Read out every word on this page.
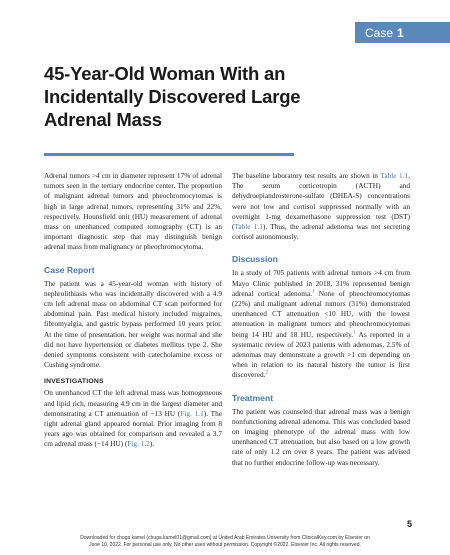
Case 1
45-Year-Old Woman With an
Incidentally Discovered Large
Adrenal Mass

Adrenal tumors >4 cm in diameter represent 17% of adrenal tumors seen in the tertiary endocrine center. The proportion of malignant adrenal tumors and pheochromocytomas is high in large adrenal tumors, representing 31% and 22%, respectively. Hounsfield unit (HU) measurement of adrenal mass on unenhanced computed tomography (CT) is an important diagnostic step that may distinguish benign adrenal mass from malignancy or pheochromocytoma.

Case Report

The patient was a 45-year-old woman with history of nephrolithiasis who was incidentally discovered with a 4.9 cm left adrenal mass on abdominal CT scan performed for abdominal pain. Past medical history included migraines, fibromyalgia, and gastric bypass performed 10 years prior. At the time of presentation, her weight was normal and she did not have hypertension or diabetes mellitus type 2. She denied symptoms consistent with catecholamine excess or Cushing syndrome.

INVESTIGATIONS

On unenhanced CT the left adrenal mass was homogeneous and lipid rich, measuring 4.9 cm in the largest diameter and demonstrating a CT attenuation of −13 HU (Fig. 1.1). The right adrenal gland appeared normal. Prior imaging from 8 years ago was obtained for comparison and revealed a 3.7 cm adrenal mass (−14 HU) (Fig. 1.2).

The baseline laboratory test results are shown in Table 1.1. The serum corticotropin (ACTH) and dehydroepiandrosterone-sulfate (DHEA-S) concentrations were not low and cortisol suppressed normally with an overnight 1-mg dexamethasone suppression test (DST) (Table 1.1). Thus, the adrenal adenoma was not secreting cortisol autonomously.

Discussion

In a study of 705 patients with adrenal tumors >4 cm from Mayo Clinic published in 2018, 31% represented benign adrenal cortical adenoma.$^1$ None of pheochromocytomas (22%) and malignant adrenal tumors (31%) demonstrated unenhanced CT attenuation <10 HU, with the lowest attenuation in malignant tumors and pheochromocytomas being 14 HU and 18 HU, respectively.$^1$ As reported in a systematic review of 2023 patients with adenomas, 2.5% of adenomas may demonstrate a growth >1 cm depending on when in relation to its natural history the tumor is first discovered.$^2$

Treatment

The patient was counseled that adrenal mass was a benign nonfunctioning adrenal adenoma. This was concluded based on imaging phenotype of the adrenal mass with low unenhanced CT attenuation, but also based on a low growth rate of only 1.2 cm over 8 years. The patient was advised that no further endocrine follow-up was necessary.

5
Downloaded for chuga kamel (chuga.kamel01@gmail.com) at United Arab Emirates University from ClinicalKey.com by Elsevier on
June 10, 2022. For personal use only. No other uses without permission. Copyright ©2022. Elsevier Inc. All rights reserved.
